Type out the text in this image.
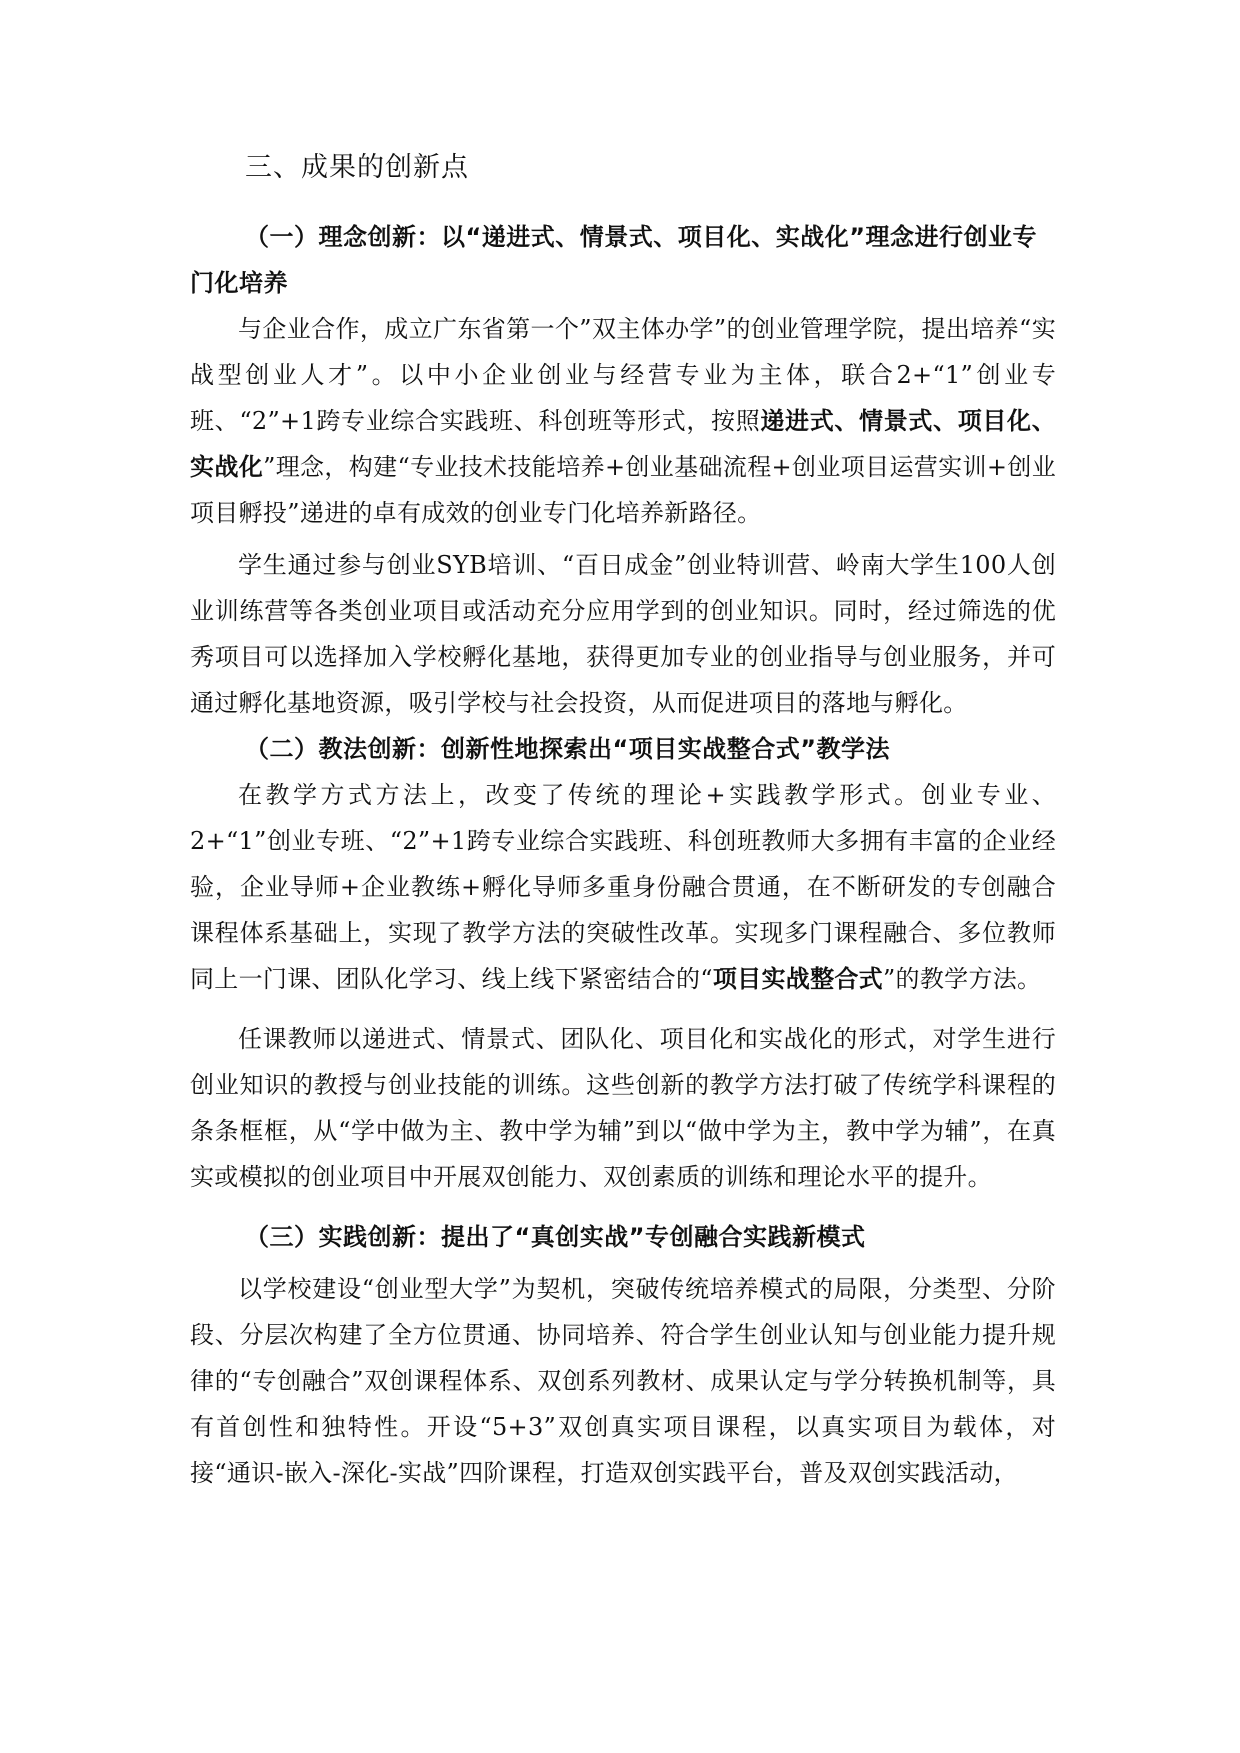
三、成果的创新点

（一）理念创新：以“递进式、情景式、项目化、实战化”理念进行创业专门化培养

与企业合作，成立广东省第一个”双主体办学”的创业管理学院，提出培养“实战型创业人才”。以中小企业创业与经营专业为主体，联合2+“1”创业专班、“2”+1跨专业综合实践班、科创班等形式，按照递进式、情景式、项目化、实战化”理念，构建“专业技术技能培养+创业基础流程+创业项目运营实训+创业项目孵投”递进的卓有成效的创业专门化培养新路径。

学生通过参与创业SYB培训、“百日成金”创业特训营、岭南大学生100人创业训练营等各类创业项目或活动充分应用学到的创业知识。同时，经过筛选的优秀项目可以选择加入学校孵化基地，获得更加专业的创业指导与创业服务，并可通过孵化基地资源，吸引学校与社会投资，从而促进项目的落地与孵化。

（二）教法创新：创新性地探索出“项目实战整合式”教学法

在教学方式方法上，改变了传统的理论+实践教学形式。创业专业、2+“1”创业专班、“2”+1跨专业综合实践班、科创班教师大多拥有丰富的企业经验，企业导师+企业教练+孵化导师多重身份融合贯通，在不断研发的专创融合课程体系基础上，实现了教学方法的突破性改革。实现多门课程融合、多位教师同上一门课、团队化学习、线上线下紧密结合的“项目实战整合式”的教学方法。

任课教师以递进式、情景式、团队化、项目化和实战化的形式，对学生进行创业知识的教授与创业技能的训练。这些创新的教学方法打破了传统学科课程的条条框框，从“学中做为主、教中学为辅”到以“做中学为主，教中学为辅”，在真实或模拟的创业项目中开展双创能力、双创素质的训练和理论水平的提升。

（三）实践创新：提出了“真创实战”专创融合实践新模式

以学校建设“创业型大学”为契机，突破传统培养模式的局限，分类型、分阶段、分层次构建了全方位贯通、协同培养、符合学生创业认知与创业能力提升规律的“专创融合”双创课程体系、双创系列教材、成果认定与学分转换机制等，具有首创性和独特性。开设“5+3”双创真实项目课程，以真实项目为载体，对接“通识-嵌入-深化-实战”四阶课程，打造双创实践平台，普及双创实践活动，
